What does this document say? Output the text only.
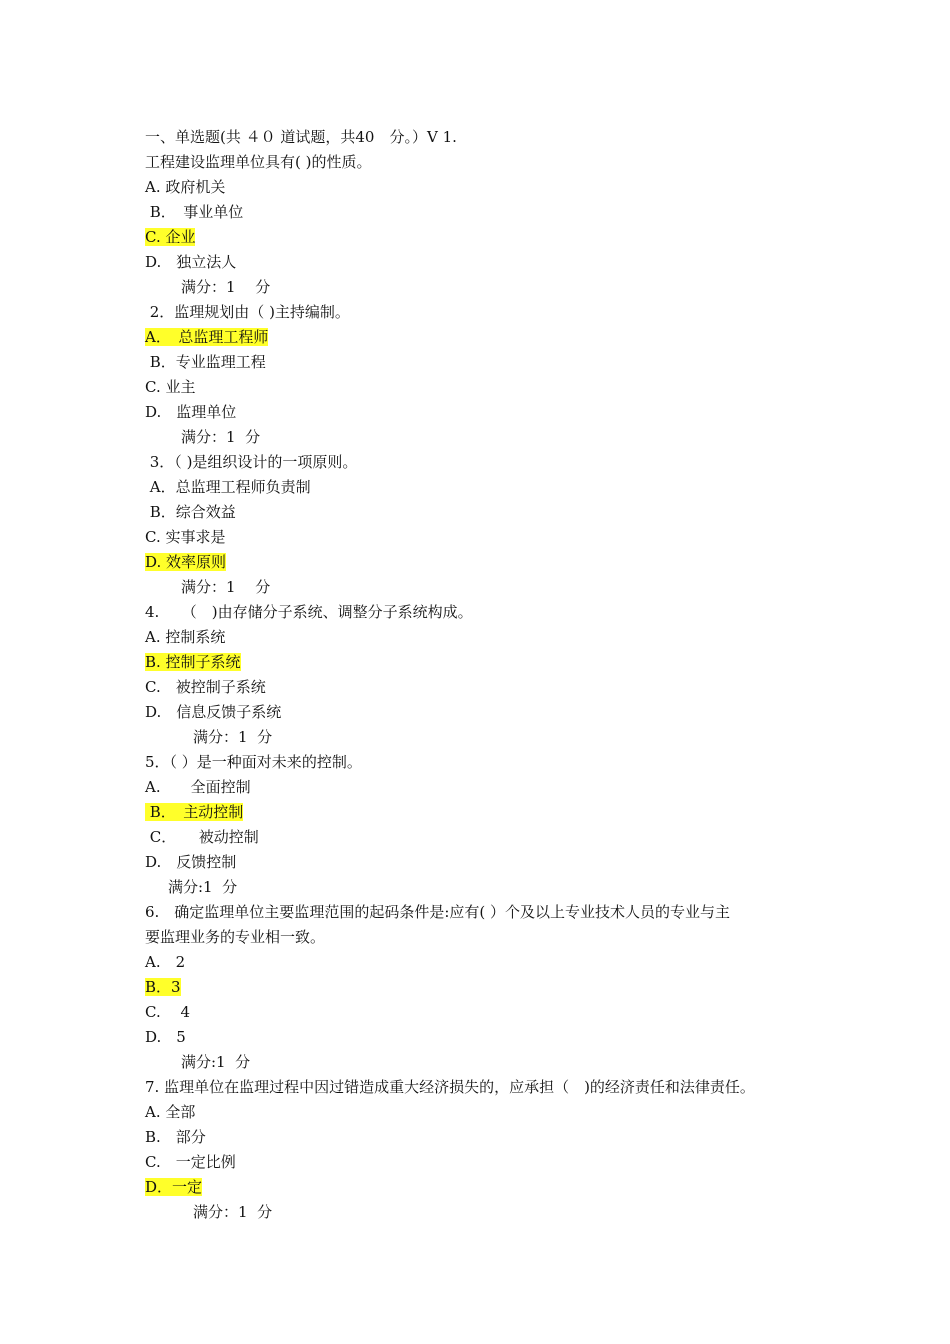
一、单选题(共 ４０ 道试题，共40　分。）V 1.
工程建设监理单位具有( )的性质。
A. 政府机关
B．　事业单位
C. 企业
D.　独立法人
满分：1　 分
2．监理规划由（ )主持编制。
A．　总监理工程师
B．专业监理工程
C. 业主
D.　监理单位
满分：1  分
3．（ )是组织设计的一项原则。
A．总监理工程师负责制
B．综合效益
C. 实事求是
D. 效率原则
满分：1　 分
4.　　（　)由存储分子系统、调整分子系统构成。
A. 控制系统
B. 控制子系统
C.　被控制子系统
D.　信息反馈子系统
满分：1  分
5．（ ）是一种面对未来的控制。
A.　　全面控制
B．　主动控制
C．　　被动控制
D.　反馈控制
满分:1  分
6.　确定监理单位主要监理范围的起码条件是:应有( ）个及以上专业技术人员的专业与主
要监理业务的专业相一致。
A.　2
B．3
C.　 4
D.　5
满分:1  分
7. 监理单位在监理过程中因过错造成重大经济损失的，应承担（　)的经济责任和法律责任。
A. 全部
B.　部分
C.　一定比例
D．一定
满分：1  分
